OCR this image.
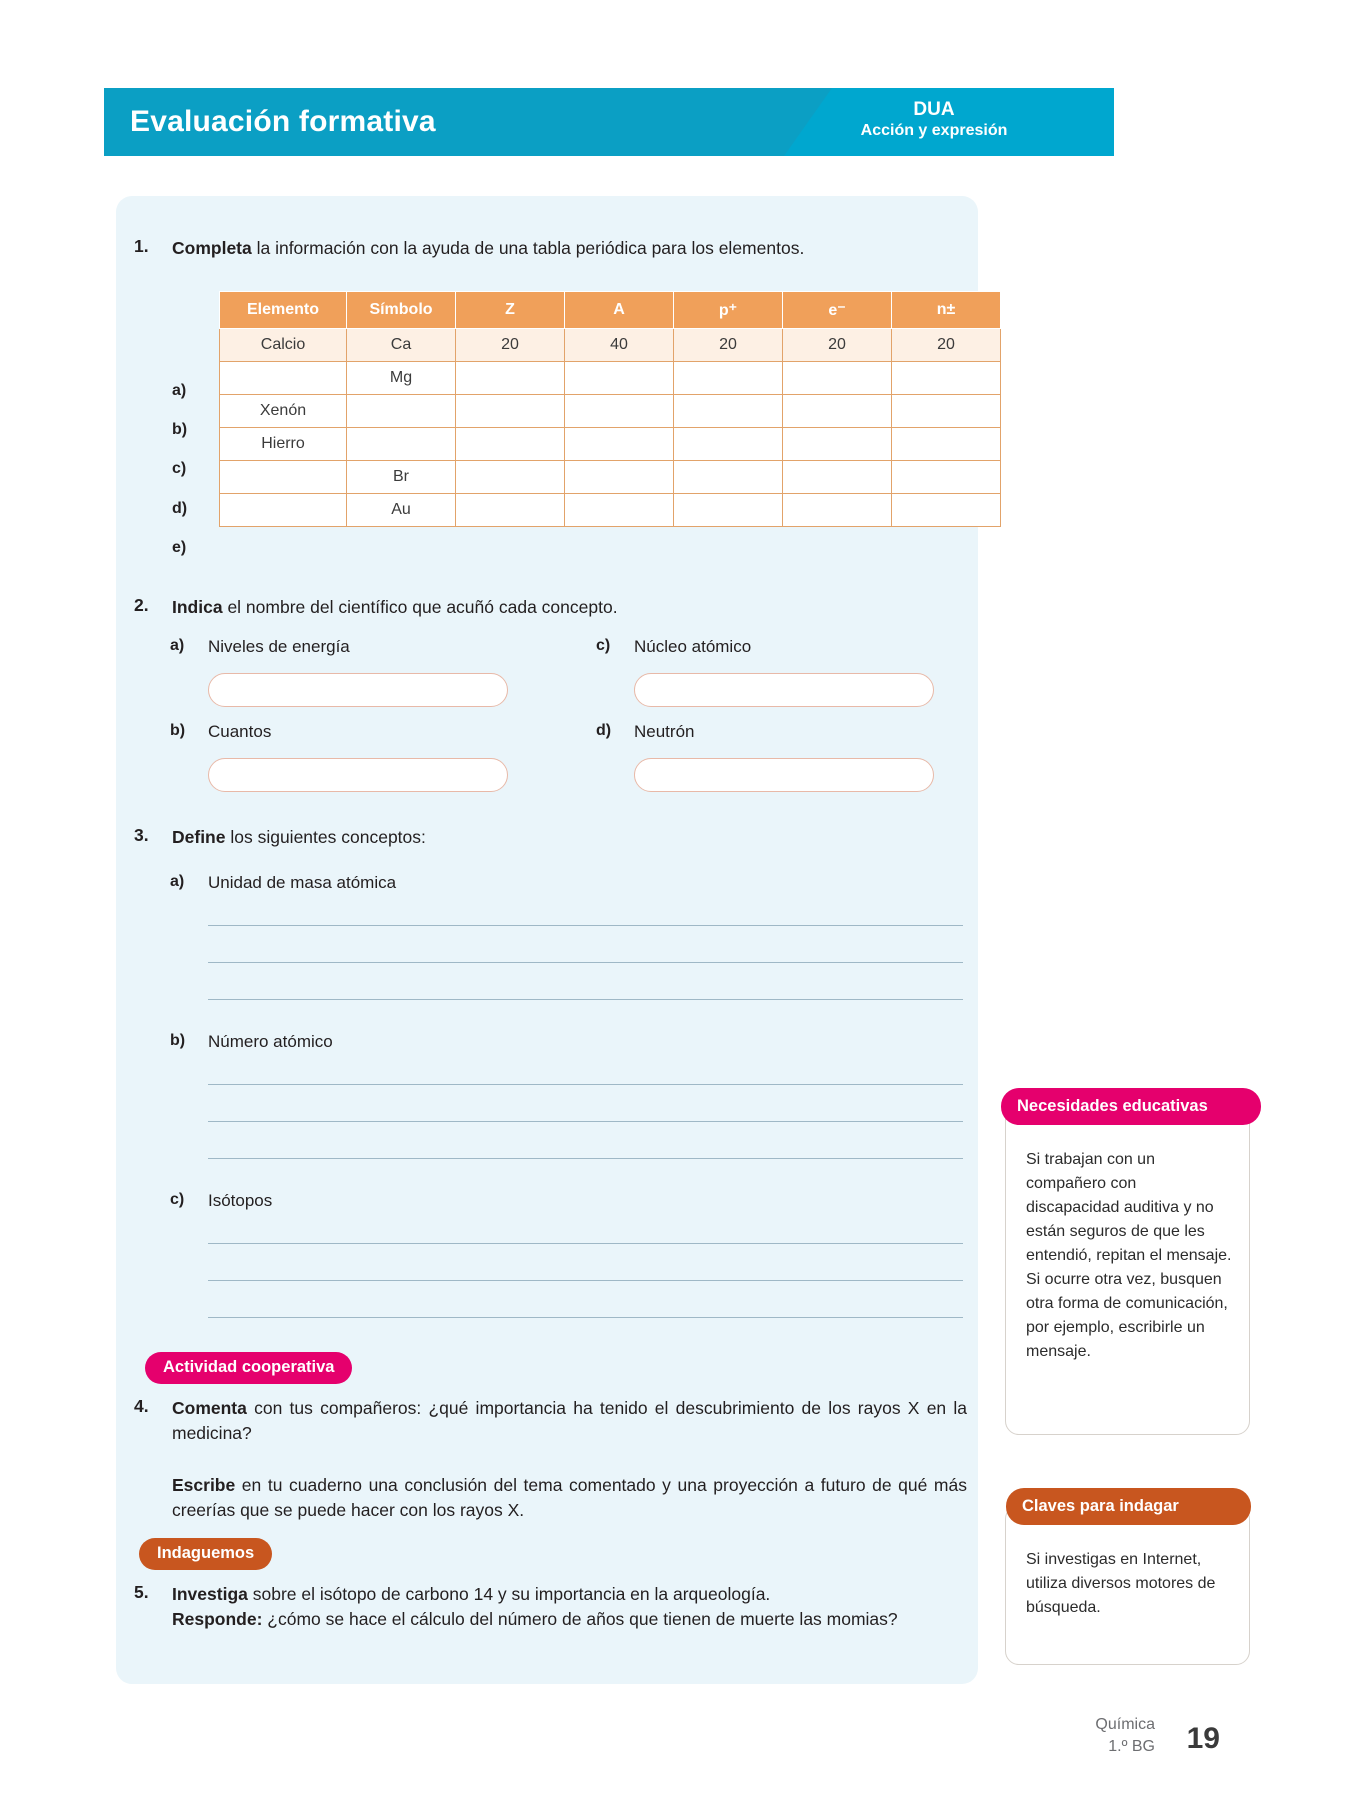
Evaluación formativa	DUA
Acción y expresión
1. Completa la información con la ayuda de una tabla periódica para los elementos.
a)
b)
c)
d)
e)
Elemento	Símbolo	Z	A	p⁺	e⁻	n±
Calcio	Ca	20	40	20	20	20
	Mg					
Xenón						
Hierro						
	Br					
	Au					
2. Indica el nombre del científico que acuñó cada concepto.
a) Niveles de energía	c) Núcleo atómico
b) Cuantos	d) Neutrón
3. Define los siguientes conceptos:
a) Unidad de masa atómica
b) Número atómico
c) Isótopos
Actividad cooperativa
4. Comenta con tus compañeros: ¿qué importancia ha tenido el descubrimiento de los rayos X en la medicina?
Escribe en tu cuaderno una conclusión del tema comentado y una proyección a futuro de qué más creerías que se puede hacer con los rayos X.
Indaguemos
5. Investiga sobre el isótopo de carbono 14 y su importancia en la arqueología.
Responde: ¿cómo se hace el cálculo del número de años que tienen de muerte las momias?
Necesidades educativas
Si trabajan con un compañero con discapacidad auditiva y no están seguros de que les entendió, repitan el mensaje. Si ocurre otra vez, busquen otra forma de comunicación, por ejemplo, escribirle un mensaje.
Claves para indagar
Si investigas en Internet, utiliza diversos motores de búsqueda.
Química
1.º BG 19
